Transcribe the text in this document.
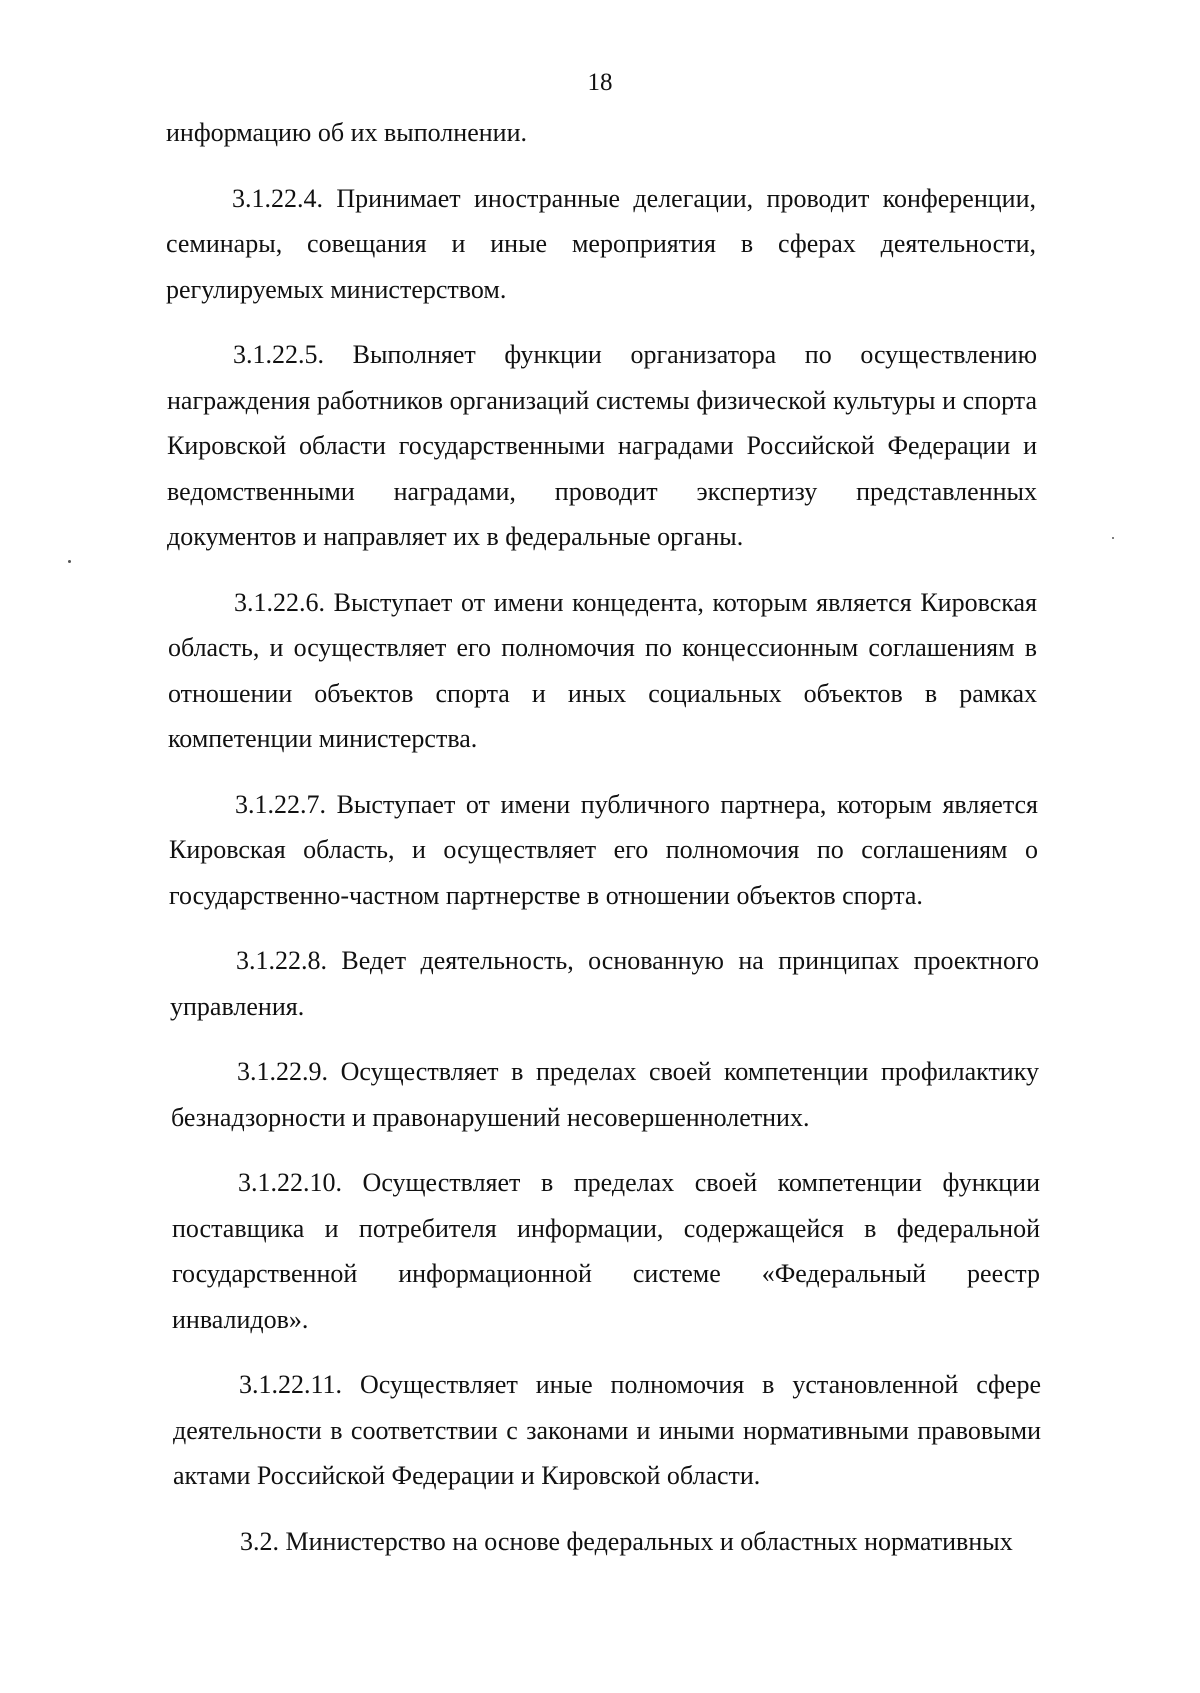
18

информацию об их выполнении.

3.1.22.4. Принимает иностранные делегации, проводит конференции, семинары, совещания и иные мероприятия в сферах деятельности, регулируемых министерством.

3.1.22.5. Выполняет функции организатора по осуществлению награждения работников организаций системы физической культуры и спорта Кировской области государственными наградами Российской Федерации и ведомственными наградами, проводит экспертизу представленных документов и направляет их в федеральные органы.

3.1.22.6. Выступает от имени концедента, которым является Кировская область, и осуществляет его полномочия по концессионным соглашениям в отношении объектов спорта и иных социальных объектов в рамках компетенции министерства.

3.1.22.7. Выступает от имени публичного партнера, которым является Кировская область, и осуществляет его полномочия по соглашениям о государственно-частном партнерстве в отношении объектов спорта.

3.1.22.8. Ведет деятельность, основанную на принципах проектного управления.

3.1.22.9. Осуществляет в пределах своей компетенции профилактику безнадзорности и правонарушений несовершеннолетних.

3.1.22.10. Осуществляет в пределах своей компетенции функции поставщика и потребителя информации, содержащейся в федеральной государственной информационной системе «Федеральный реестр инвалидов».

3.1.22.11. Осуществляет иные полномочия в установленной сфере деятельности в соответствии с законами и иными нормативными правовыми актами Российской Федерации и Кировской области.

3.2. Министерство на основе федеральных и областных нормативных
